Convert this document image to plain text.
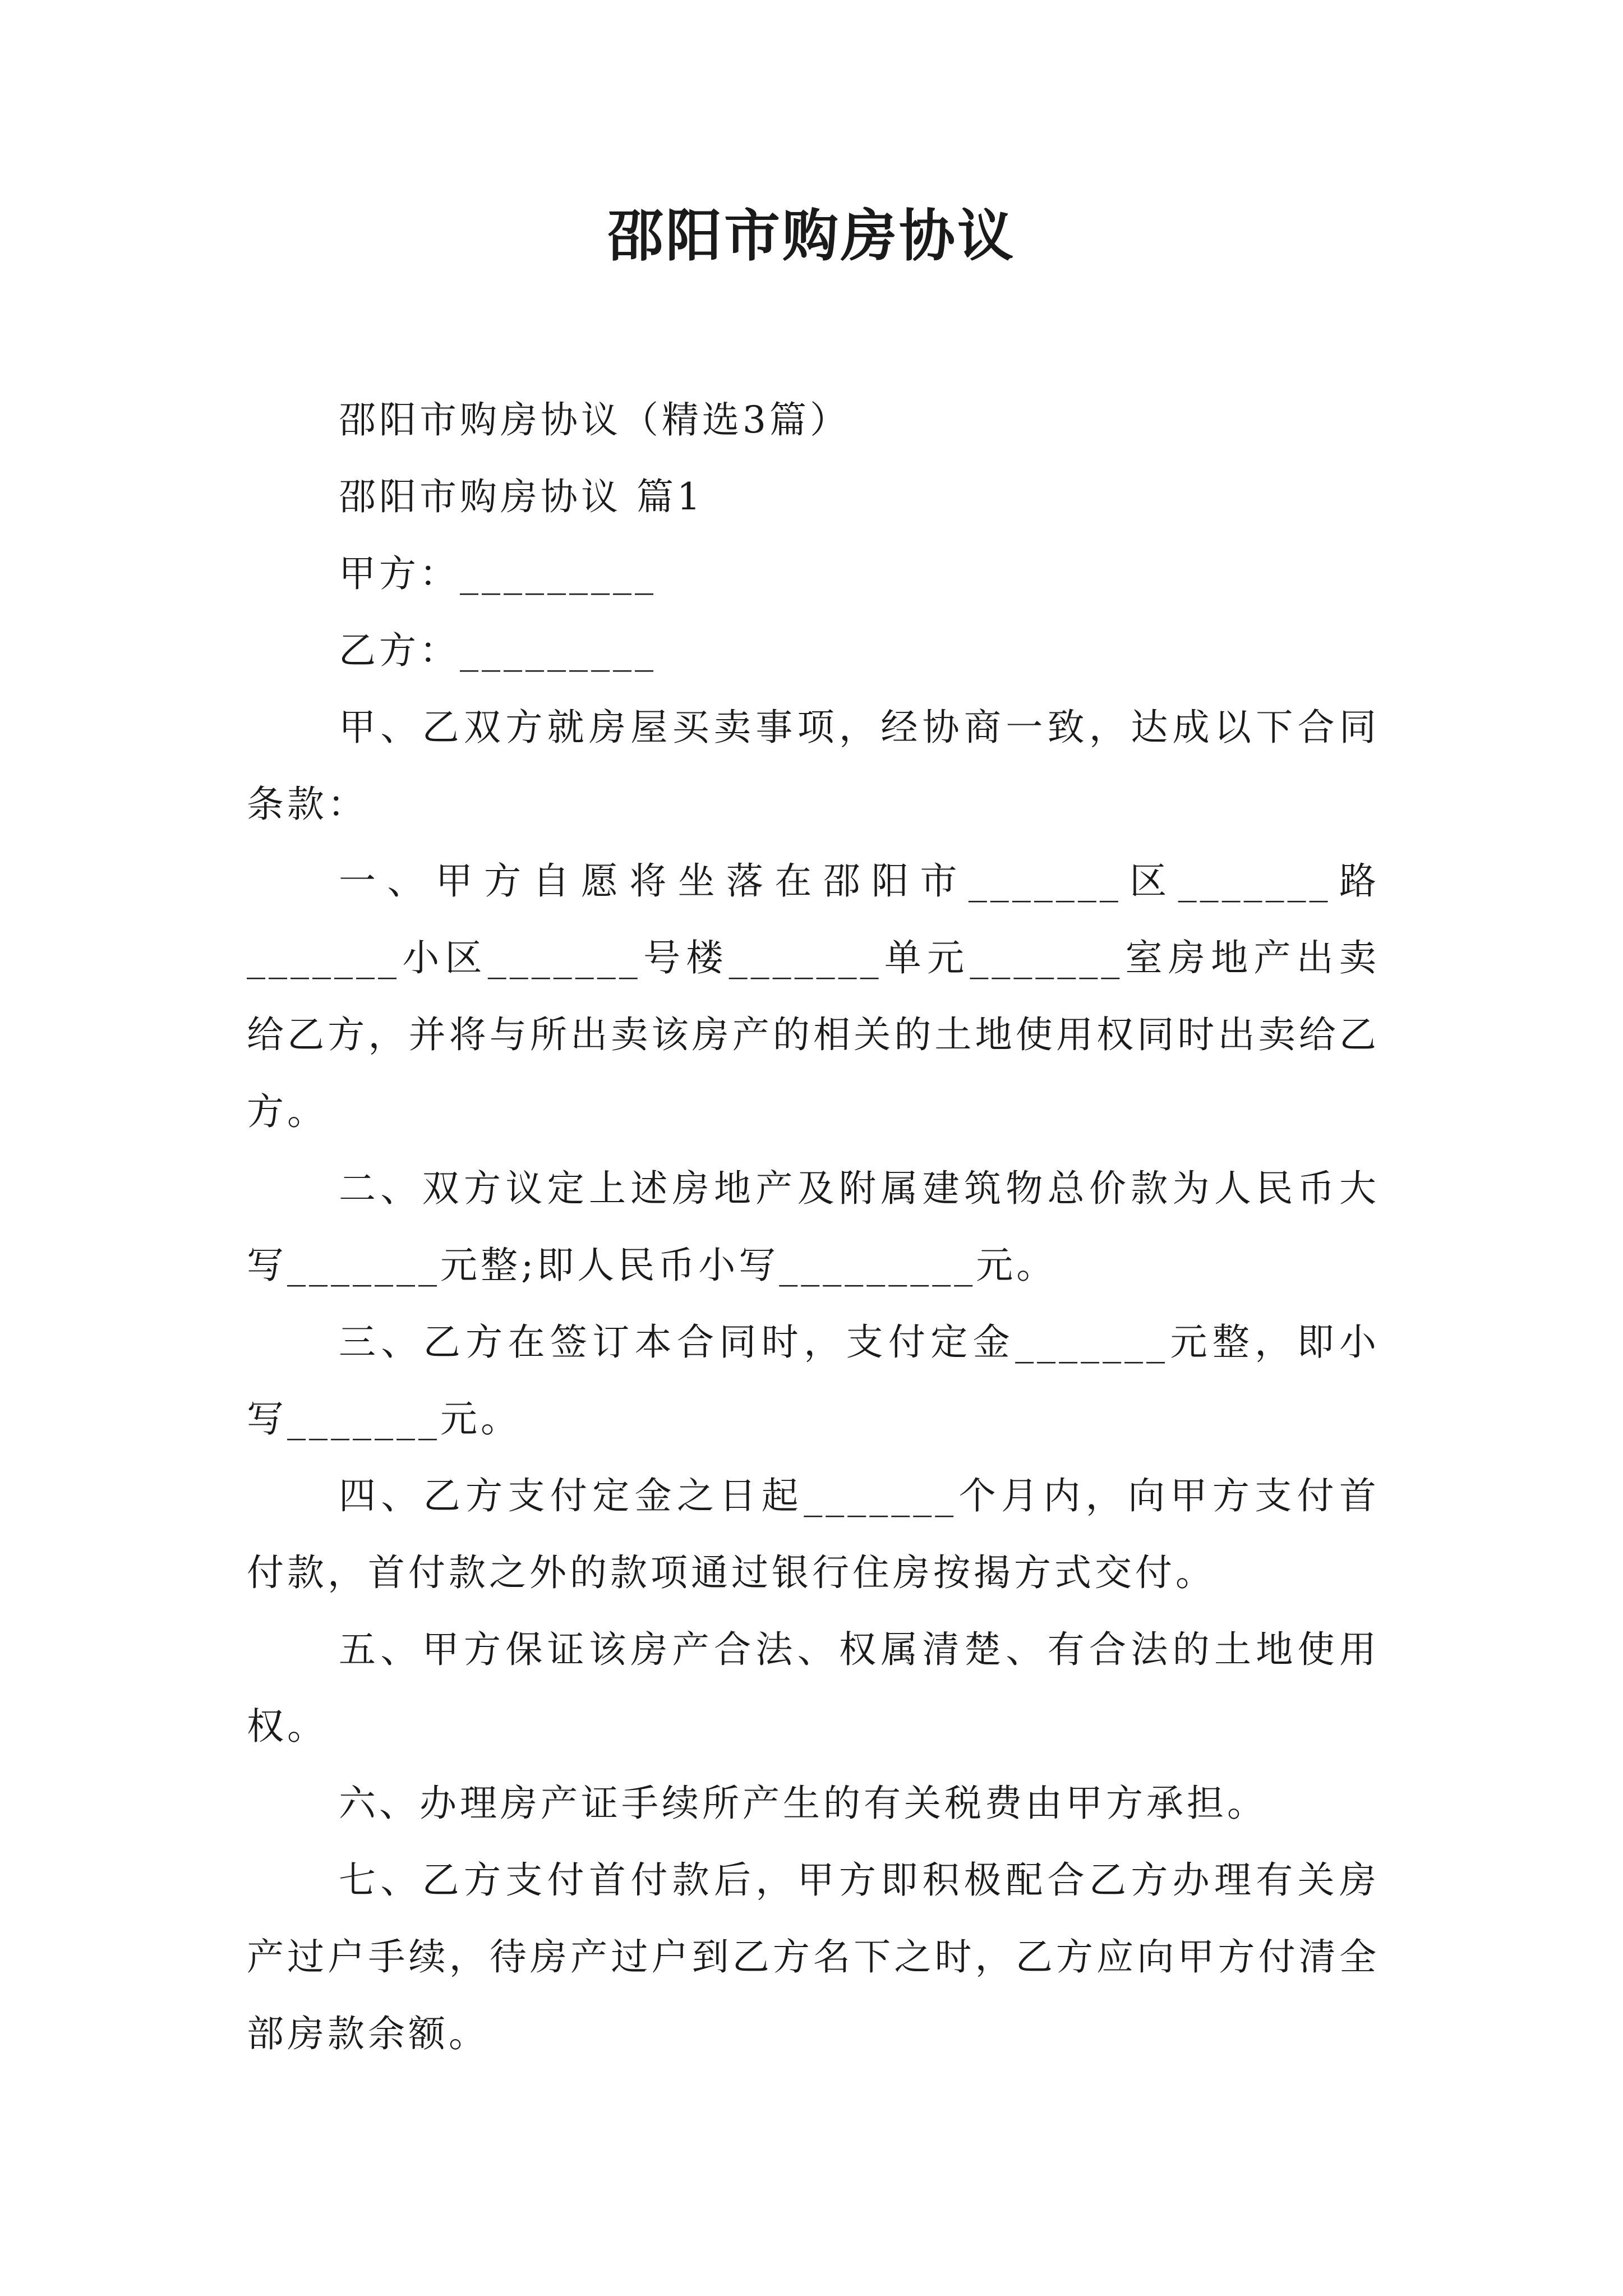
邵阳市购房协议

邵阳市购房协议（精选3篇）

邵阳市购房协议 篇1

甲方：_________

乙方：_________

甲、乙双方就房屋买卖事项，经协商一致，达成以下合同条款：

一、甲方自愿将坐落在邵阳市_______区_______路_______小区_______号楼_______单元_______室房地产出卖给乙方，并将与所出卖该房产的相关的土地使用权同时出卖给乙方。

二、双方议定上述房地产及附属建筑物总价款为人民币大写_______元整;即人民币小写_________元。

三、乙方在签订本合同时，支付定金_______元整，即小写_______元。

四、乙方支付定金之日起_______个月内，向甲方支付首付款，首付款之外的款项通过银行住房按揭方式交付。

五、甲方保证该房产合法、权属清楚、有合法的土地使用权。

六、办理房产证手续所产生的有关税费由甲方承担。

七、乙方支付首付款后，甲方即积极配合乙方办理有关房产过户手续，待房产过户到乙方名下之时，乙方应向甲方付清全部房款余额。
